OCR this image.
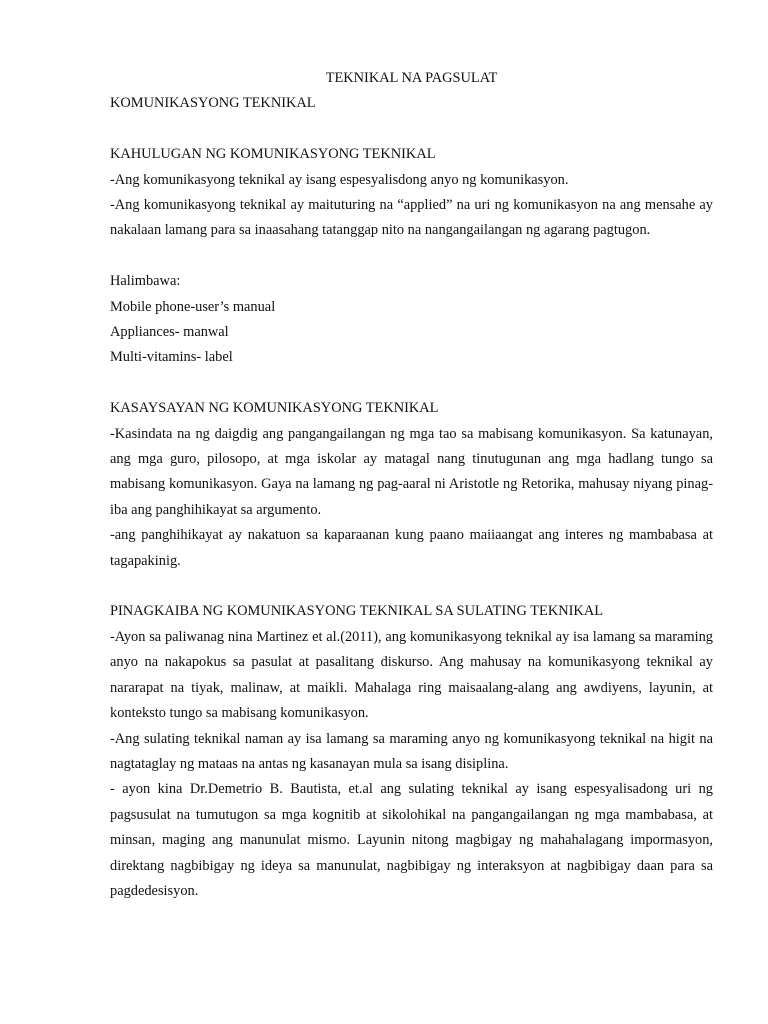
TEKNIKAL NA PAGSULAT

KOMUNIKASYONG TEKNIKAL

KAHULUGAN NG KOMUNIKASYONG TEKNIKAL

-Ang komunikasyong teknikal ay isang espesyalisdong anyo ng komunikasyon.

-Ang komunikasyong teknikal ay maituturing na “applied” na uri ng komunikasyon na ang mensahe ay nakalaan lamang para sa inaasahang tatanggap nito na nangangailangan ng agarang pagtugon.

Halimbawa:

Mobile phone-user’s manual

Appliances- manwal

Multi-vitamins- label

KASAYSAYAN NG KOMUNIKASYONG TEKNIKAL

-Kasindata na ng daigdig ang pangangailangan ng mga tao sa mabisang komunikasyon. Sa katunayan, ang mga guro, pilosopo, at mga iskolar ay matagal nang tinutugunan ang mga hadlang tungo sa mabisang komunikasyon. Gaya na lamang ng pag-aaral ni Aristotle ng Retorika, mahusay niyang pinag-iba ang panghihikayat sa argumento.

-ang panghihikayat ay nakatuon sa kaparaanan kung paano maiiaangat ang interes ng mambabasa at tagapakinig.

PINAGKAIBA NG KOMUNIKASYONG TEKNIKAL SA SULATING TEKNIKAL

-Ayon sa paliwanag nina Martinez et al.(2011), ang komunikasyong teknikal ay isa lamang sa maraming anyo na nakapokus sa pasulat at pasalitang diskurso. Ang mahusay na komunikasyong teknikal ay nararapat na tiyak, malinaw, at maikli. Mahalaga ring maisaalang-alang ang awdiyens, layunin, at konteksto tungo sa mabisang komunikasyon.

-Ang sulating teknikal naman ay isa lamang sa maraming anyo ng komunikasyong teknikal na higit na nagtataglay ng mataas na antas ng kasanayan mula sa isang disiplina.

- ayon kina Dr.Demetrio B. Bautista, et.al ang sulating teknikal ay isang espesyalisadong uri ng pagsusulat na tumutugon sa mga kognitib at sikolohikal na pangangailangan ng mga mambabasa, at minsan, maging ang manunulat mismo. Layunin nitong magbigay ng mahahalagang impormasyon, direktang nagbibigay ng ideya sa manunulat, nagbibigay ng interaksyon at nagbibigay daan para sa pagdedesisyon.
